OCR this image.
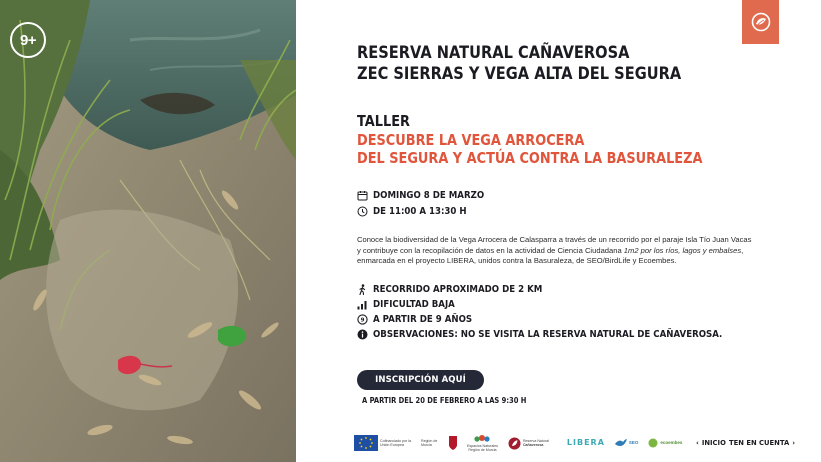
9+
RESERVA NATURAL CAÑAVEROSA
ZEC SIERRAS Y VEGA ALTA DEL SEGURA
TALLER
DESCUBRE LA VEGA ARROCERA
DEL SEGURA Y ACTÚA CONTRA LA BASURALEZA
DOMINGO 8 DE MARZO
DE 11:00 A 13:30 H

Conoce la biodiversidad de la Vega Arrocera de Calasparra a través de un recorrido por el paraje Isla Tío Juan Vacas y contribuye con la recopilación de datos en la actividad de Ciencia Ciudadana 1m2 por los ríos, lagos y embalses, enmarcada en el proyecto LIBERA, unidos contra la Basuraleza, de SEO/BirdLife y Ecoembes.

RECORRIDO APROXIMADO DE 2 KM
DIFICULTAD BAJA
9 A PARTIR DE 9 AÑOS
OBSERVACIONES: NO SE VISITA LA RESERVA NATURAL DE CAÑAVEROSA.
INSCRIPCIÓN AQUÍ
A PARTIR DEL 20 DE FEBRERO A LAS 9:30 H
Cofinanciado por la
Unión Europea
Región de Murcia	Espacios Naturales
Región de Murcia
Reserva Natural
Cañaverosa	LIBERA	SEO	ecoembes ‹ INICIO TEN EN CUENTA ›
